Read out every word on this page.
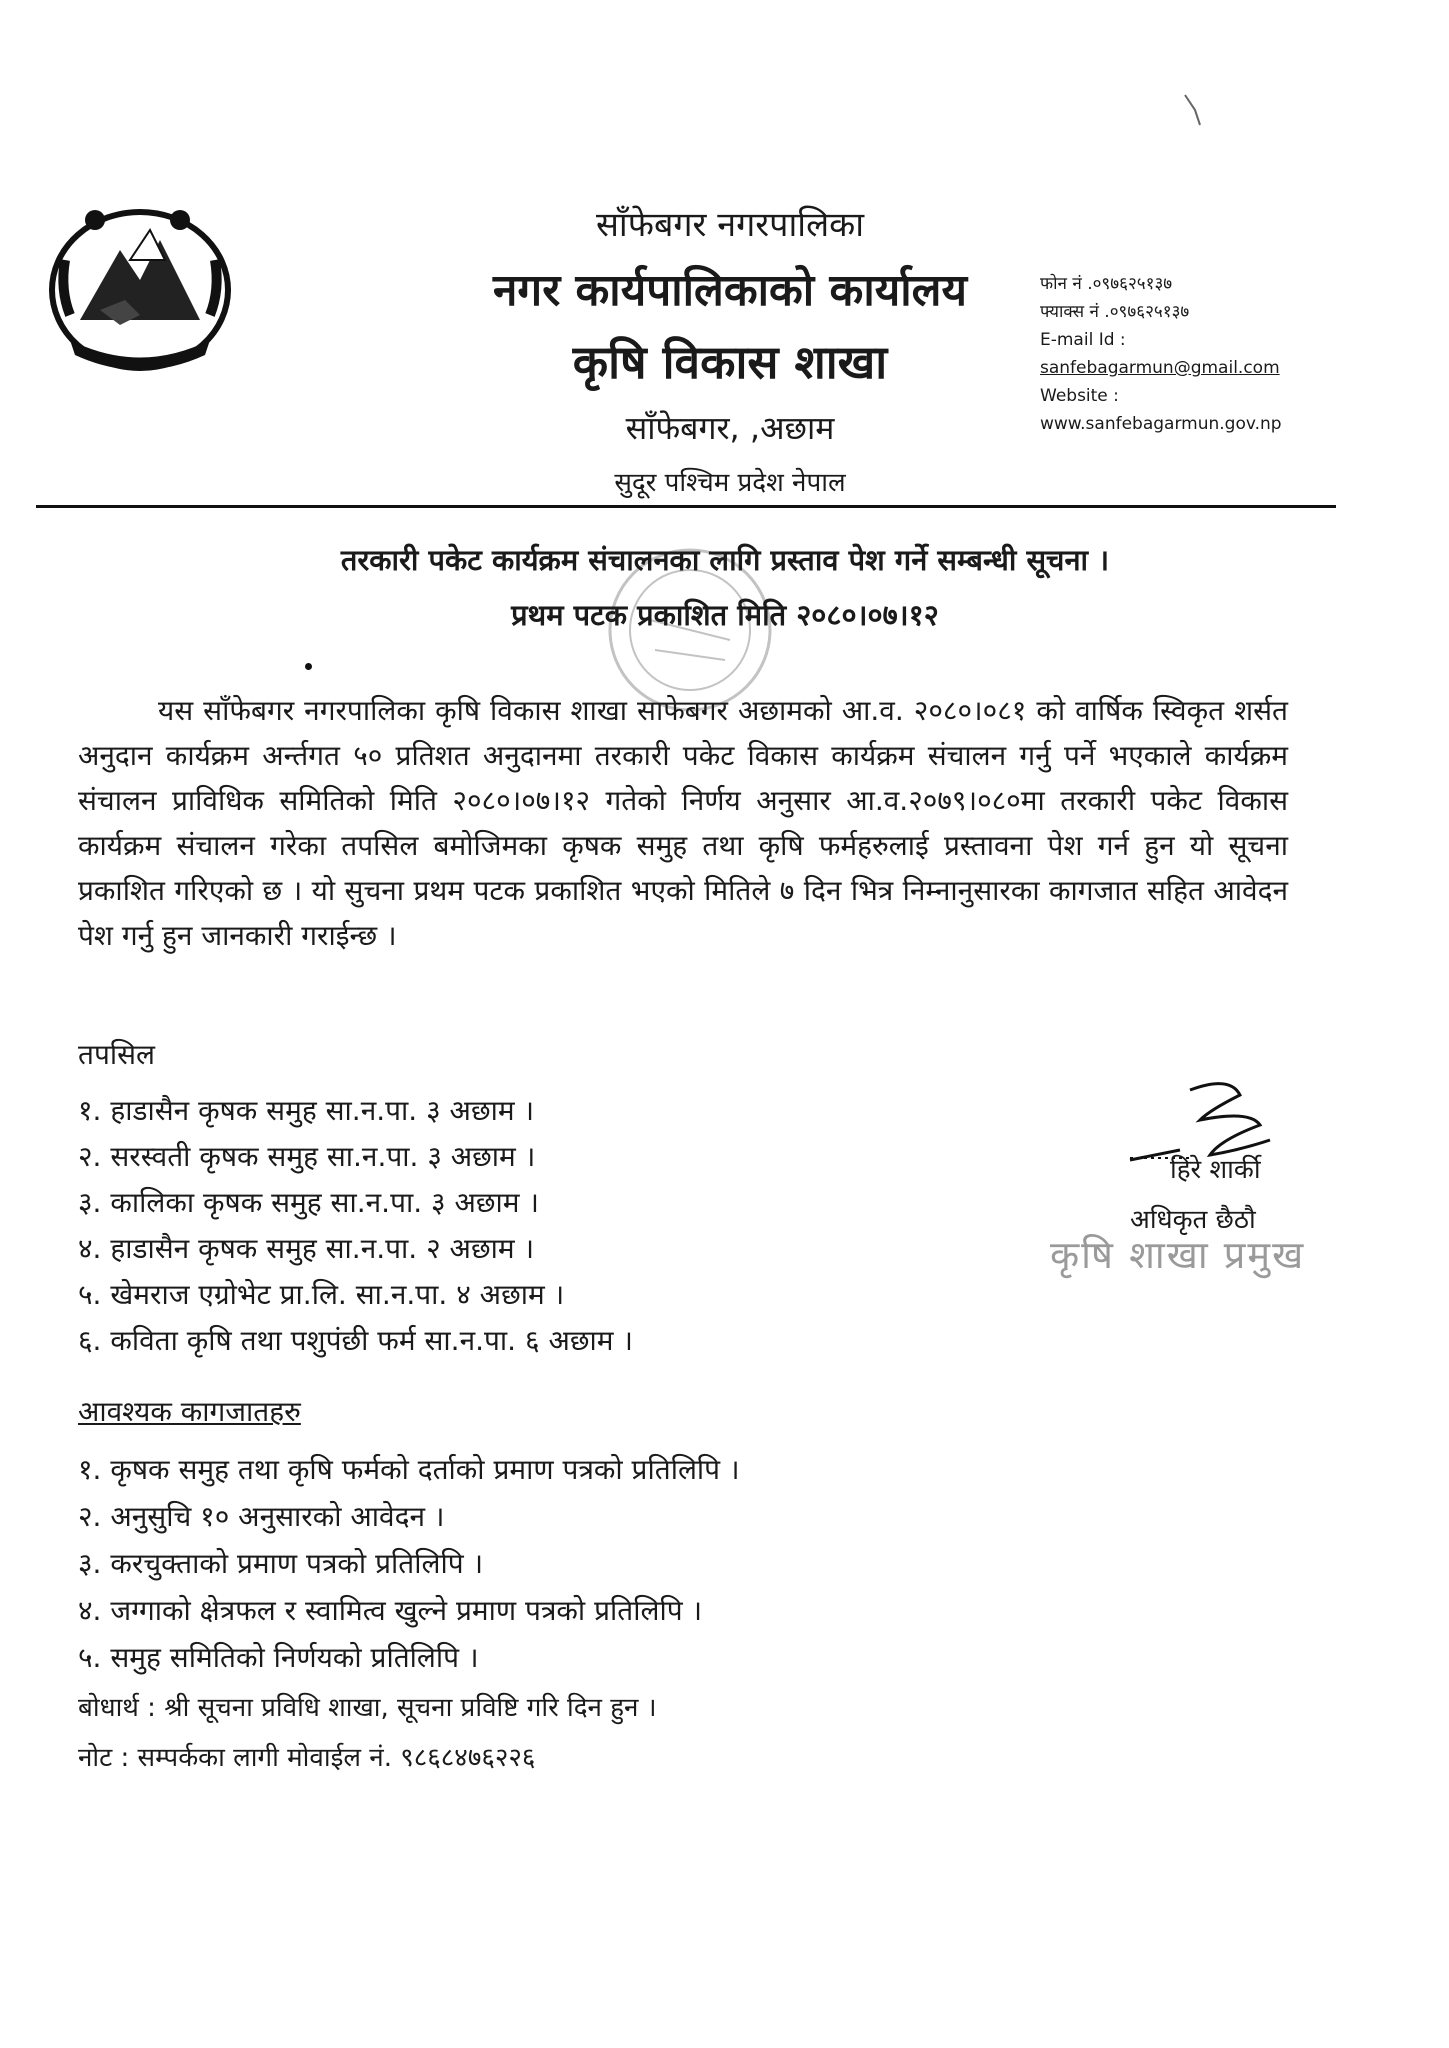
साँफेबगर नगरपालिका
नगर कार्यपालिकाको कार्यालय
कृषि विकास शाखा
साँफेबगर, ,अछाम
सुदूर पश्चिम प्रदेश नेपाल
फोन नं .०९७६२५१३७
फ्याक्स नं .०९७६२५१३७
E-mail Id :
sanfebagarmun@gmail.com
Website :
www.sanfebagarmun.gov.np
तरकारी पकेट कार्यक्रम संचालनका लागि प्रस्ताव पेश गर्ने सम्बन्धी सूचना ।
प्रथम पटक प्रकाशित मिति २०८०।०७।१२
यस साँफेबगर नगरपालिका कृषि विकास शाखा साफेबगर अछामको आ.व. २०८०।०८१ को वार्षिक स्विकृत शर्सत अनुदान कार्यक्रम अर्न्तगत ५० प्रतिशत अनुदानमा तरकारी पकेट विकास कार्यक्रम संचालन गर्नु पर्ने भएकाले कार्यक्रम संचालन प्राविधिक समितिको मिति २०८०।०७।१२ गतेको निर्णय अनुसार आ.व.२०७९।०८०मा तरकारी पकेट विकास कार्यक्रम संचालन गरेका तपसिल बमोजिमका कृषक समुह तथा कृषि फर्महरुलाई प्रस्तावना पेश गर्न हुन यो सूचना प्रकाशित गरिएको छ । यो सुचना प्रथम पटक प्रकाशित भएको मितिले ७ दिन भित्र निम्नानुसारका कागजात सहित आवेदन पेश गर्नु हुन जानकारी गराईन्छ ।
तपसिल
१. हाडासैन कृषक समुह सा.न.पा. ३ अछाम ।
२. सरस्वती कृषक समुह सा.न.पा. ३ अछाम ।
३. कालिका कृषक समुह सा.न.पा. ३ अछाम ।
४. हाडासैन कृषक समुह सा.न.पा. २ अछाम ।
५. खेमराज एग्रोभेट प्रा.लि. सा.न.पा. ४ अछाम ।
६. कविता कृषि तथा पशुपंछी फर्म सा.न.पा. ६ अछाम ।
आवश्यक कागजातहरु
१. कृषक समुह तथा कृषि फर्मको दर्ताको प्रमाण पत्रको प्रतिलिपि ।
२. अनुसुचि १० अनुसारको आवेदन ।
३. करचुक्ताको प्रमाण पत्रको प्रतिलिपि ।
४. जग्गाको क्षेत्रफल र स्वामित्व खुल्ने प्रमाण पत्रको प्रतिलिपि ।
५. समुह समितिको निर्णयको प्रतिलिपि ।
हिरे शार्की
अधिकृत छैठौ
कृषि शाखा प्रमुख
बोधार्थ : श्री सूचना प्रविधि शाखा, सूचना प्रविष्टि गरि दिन हुन ।
नोट : सम्पर्कका लागी मोवाईल नं. ९८६८४७६२२६
